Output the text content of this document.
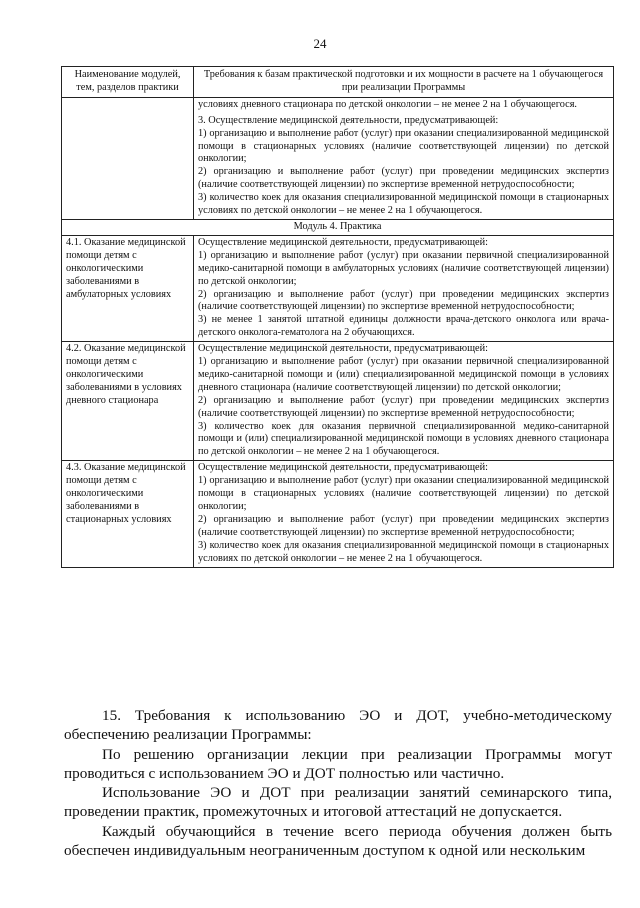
24
Наименование модулей, тем, разделов практики	Требования к базам практической подготовки и их мощности в расчете на 1 обучающегося при реализации Программы

	условиях дневного стационара по детской онкологии – не менее 2 на 1 обучающегося.

3. Осуществление медицинской деятельности, предусматривающей:

1) организацию и выполнение работ (услуг) при оказании специализированной медицинской помощи в стационарных условиях (наличие соответствующей лицензии) по детской онкологии;

2) организацию и выполнение работ (услуг) при проведении медицинских экспертиз (наличие соответствующей лицензии) по экспертизе временной нетрудоспособности;

3) количество коек для оказания специализированной медицинской помощи в стационарных условиях по детской онкологии – не менее 2 на 1 обучающегося.

Модуль 4. Практика	
4.1. Оказание медицинской помощи детям с онкологическими заболеваниями в амбулаторных условиях	Осуществление медицинской деятельности, предусматривающей:

1) организацию и выполнение работ (услуг) при оказании первичной специализированной медико-санитарной помощи в амбулаторных условиях (наличие соответствующей лицензии) по детской онкологии;

2) организацию и выполнение работ (услуг) при проведении медицинских экспертиз (наличие соответствующей лицензии) по экспертизе временной нетрудоспособности;

3) не менее 1 занятой штатной единицы должности врача-детского онколога или врача-детского онколога-гематолога на 2 обучающихся.

4.2. Оказание медицинской помощи детям с онкологическими заболеваниями в условиях дневного стационара	Осуществление медицинской деятельности, предусматривающей:

1) организацию и выполнение работ (услуг) при оказании первичной специализированной медико-санитарной помощи и (или) специализированной медицинской помощи в условиях дневного стационара (наличие соответствующей лицензии) по детской онкологии;

2) организацию и выполнение работ (услуг) при проведении медицинских экспертиз (наличие соответствующей лицензии) по экспертизе временной нетрудоспособности;

3) количество коек для оказания первичной специализированной медико-санитарной помощи и (или) специализированной медицинской помощи в условиях дневного стационара по детской онкологии – не менее 2 на 1 обучающегося.

4.3. Оказание медицинской помощи детям с онкологическими заболеваниями в стационарных условиях	Осуществление медицинской деятельности, предусматривающей:

1) организацию и выполнение работ (услуг) при оказании специализированной медицинской помощи в стационарных условиях (наличие соответствующей лицензии) по детской онкологии;

2) организацию и выполнение работ (услуг) при проведении медицинских экспертиз (наличие соответствующей лицензии) по экспертизе временной нетрудоспособности;

3) количество коек для оказания специализированной медицинской помощи в стационарных условиях по детской онкологии – не менее 2 на 1 обучающегося.

15. Требования к использованию ЭО и ДОТ, учебно-методическому обеспечению реализации Программы:

По решению организации лекции при реализации Программы могут проводиться с использованием ЭО и ДОТ полностью или частично.

Использование ЭО и ДОТ при реализации занятий семинарского типа, проведении практик, промежуточных и итоговой аттестаций не допускается.

Каждый обучающийся в течение всего периода обучения должен быть обеспечен индивидуальным неограниченным доступом к одной или нескольким
